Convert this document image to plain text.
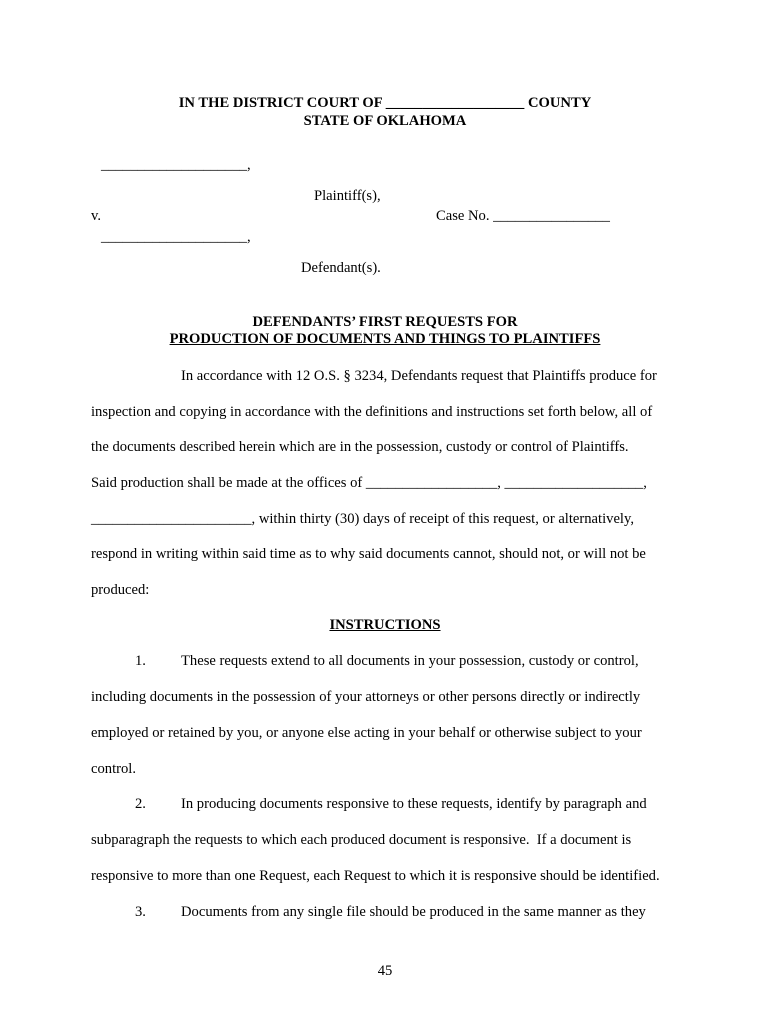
IN THE DISTRICT COURT OF ___________________ COUNTY

STATE OF OKLAHOMA

____________________,

Plaintiff(s),

v.	Case No. ________________

____________________,

Defendant(s).

DEFENDANTS’ FIRST REQUESTS FOR

PRODUCTION OF DOCUMENTS AND THINGS TO PLAINTIFFS

In accordance with 12 O.S. § 3234, Defendants request that Plaintiffs produce for

inspection and copying in accordance with the definitions and instructions set forth below, all of

the documents described herein which are in the possession, custody or control of Plaintiffs.

Said production shall be made at the offices of __________________, ___________________,

______________________, within thirty (30) days of receipt of this request, or alternatively,

respond in writing within said time as to why said documents cannot, should not, or will not be

produced:

INSTRUCTIONS

1. These requests extend to all documents in your possession, custody or control,

including documents in the possession of your attorneys or other persons directly or indirectly

employed or retained by you, or anyone else acting in your behalf or otherwise subject to your

control.

2. In producing documents responsive to these requests, identify by paragraph and

subparagraph the requests to which each produced document is responsive.  If a document is

responsive to more than one Request, each Request to which it is responsive should be identified.

3. Documents from any single file should be produced in the same manner as they

45
